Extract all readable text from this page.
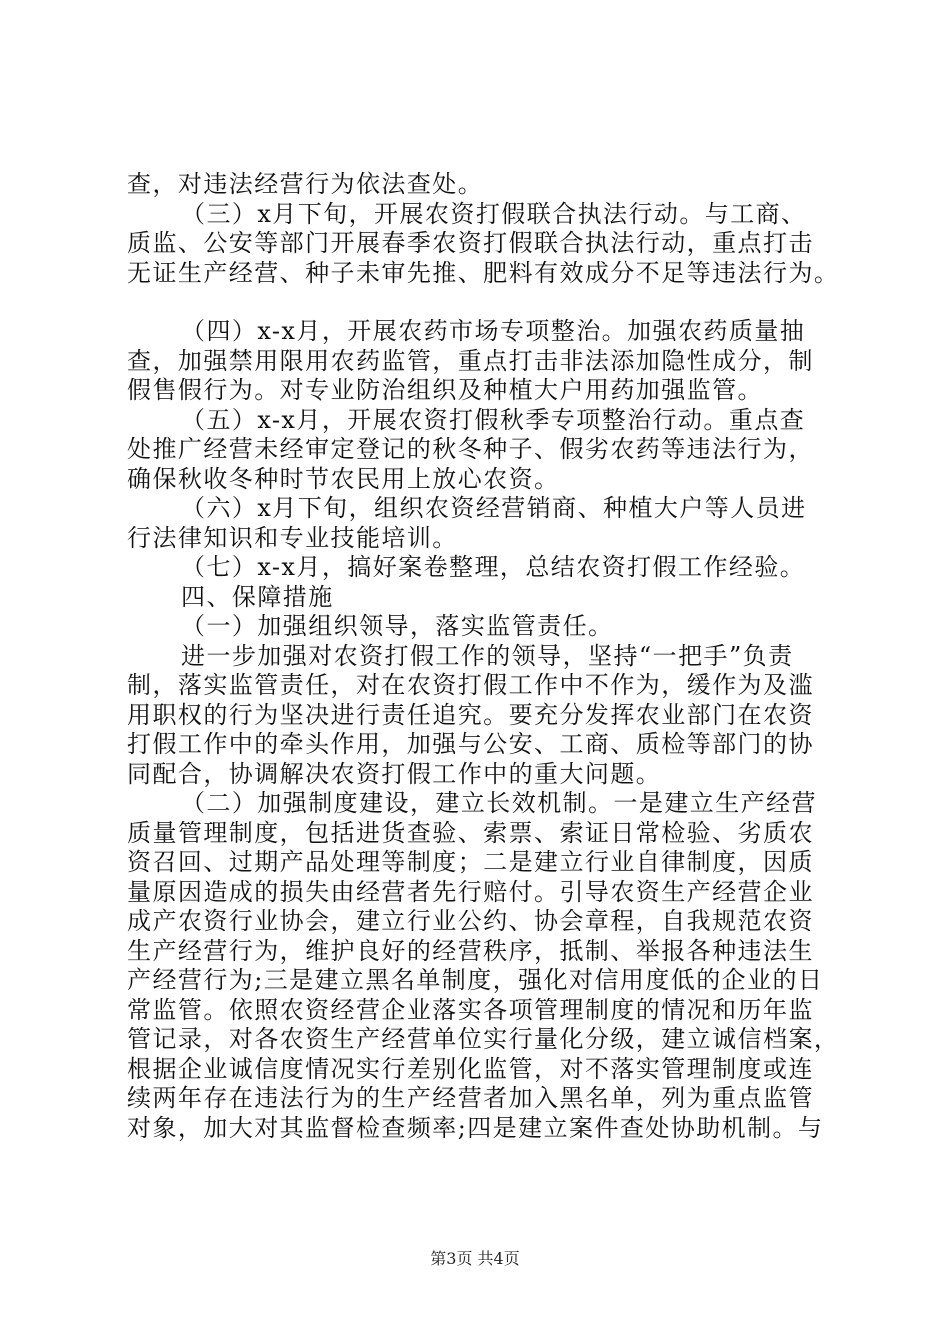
查，对违法经营行为依法查处。
（三）x月下旬，开展农资打假联合执法行动。与工商、
质监、公安等部门开展春季农资打假联合执法行动，重点打击
无证生产经营、种子未审先推、肥料有效成分不足等违法行为。
（四）x-x月，开展农药市场专项整治。加强农药质量抽
查，加强禁用限用农药监管，重点打击非法添加隐性成分，制
假售假行为。对专业防治组织及种植大户用药加强监管。
（五）x-x月，开展农资打假秋季专项整治行动。重点查
处推广经营未经审定登记的秋冬种子、假劣农药等违法行为，
确保秋收冬种时节农民用上放心农资。
（六）x月下旬，组织农资经营销商、种植大户等人员进
行法律知识和专业技能培训。
（七）x-x月，搞好案卷整理，总结农资打假工作经验。
四、保障措施
（一）加强组织领导，落实监管责任。
进一步加强对农资打假工作的领导，坚持“一把手”负责
制，落实监管责任，对在农资打假工作中不作为，缓作为及滥
用职权的行为坚决进行责任追究。要充分发挥农业部门在农资
打假工作中的牵头作用，加强与公安、工商、质检等部门的协
同配合，协调解决农资打假工作中的重大问题。
（二）加强制度建设，建立长效机制。一是建立生产经营
质量管理制度，包括进货查验、索票、索证日常检验、劣质农
资召回、过期产品处理等制度；二是建立行业自律制度，因质
量原因造成的损失由经营者先行赔付。引导农资生产经营企业
成产农资行业协会，建立行业公约、协会章程，自我规范农资
生产经营行为，维护良好的经营秩序，抵制、举报各种违法生
产经营行为;三是建立黑名单制度，强化对信用度低的企业的日
常监管。依照农资经营企业落实各项管理制度的情况和历年监
管记录，对各农资生产经营单位实行量化分级，建立诚信档案，
根据企业诚信度情况实行差别化监管，对不落实管理制度或连
续两年存在违法行为的生产经营者加入黑名单，列为重点监管
对象，加大对其监督检查频率;四是建立案件查处协助机制。与
第3页 共4页
